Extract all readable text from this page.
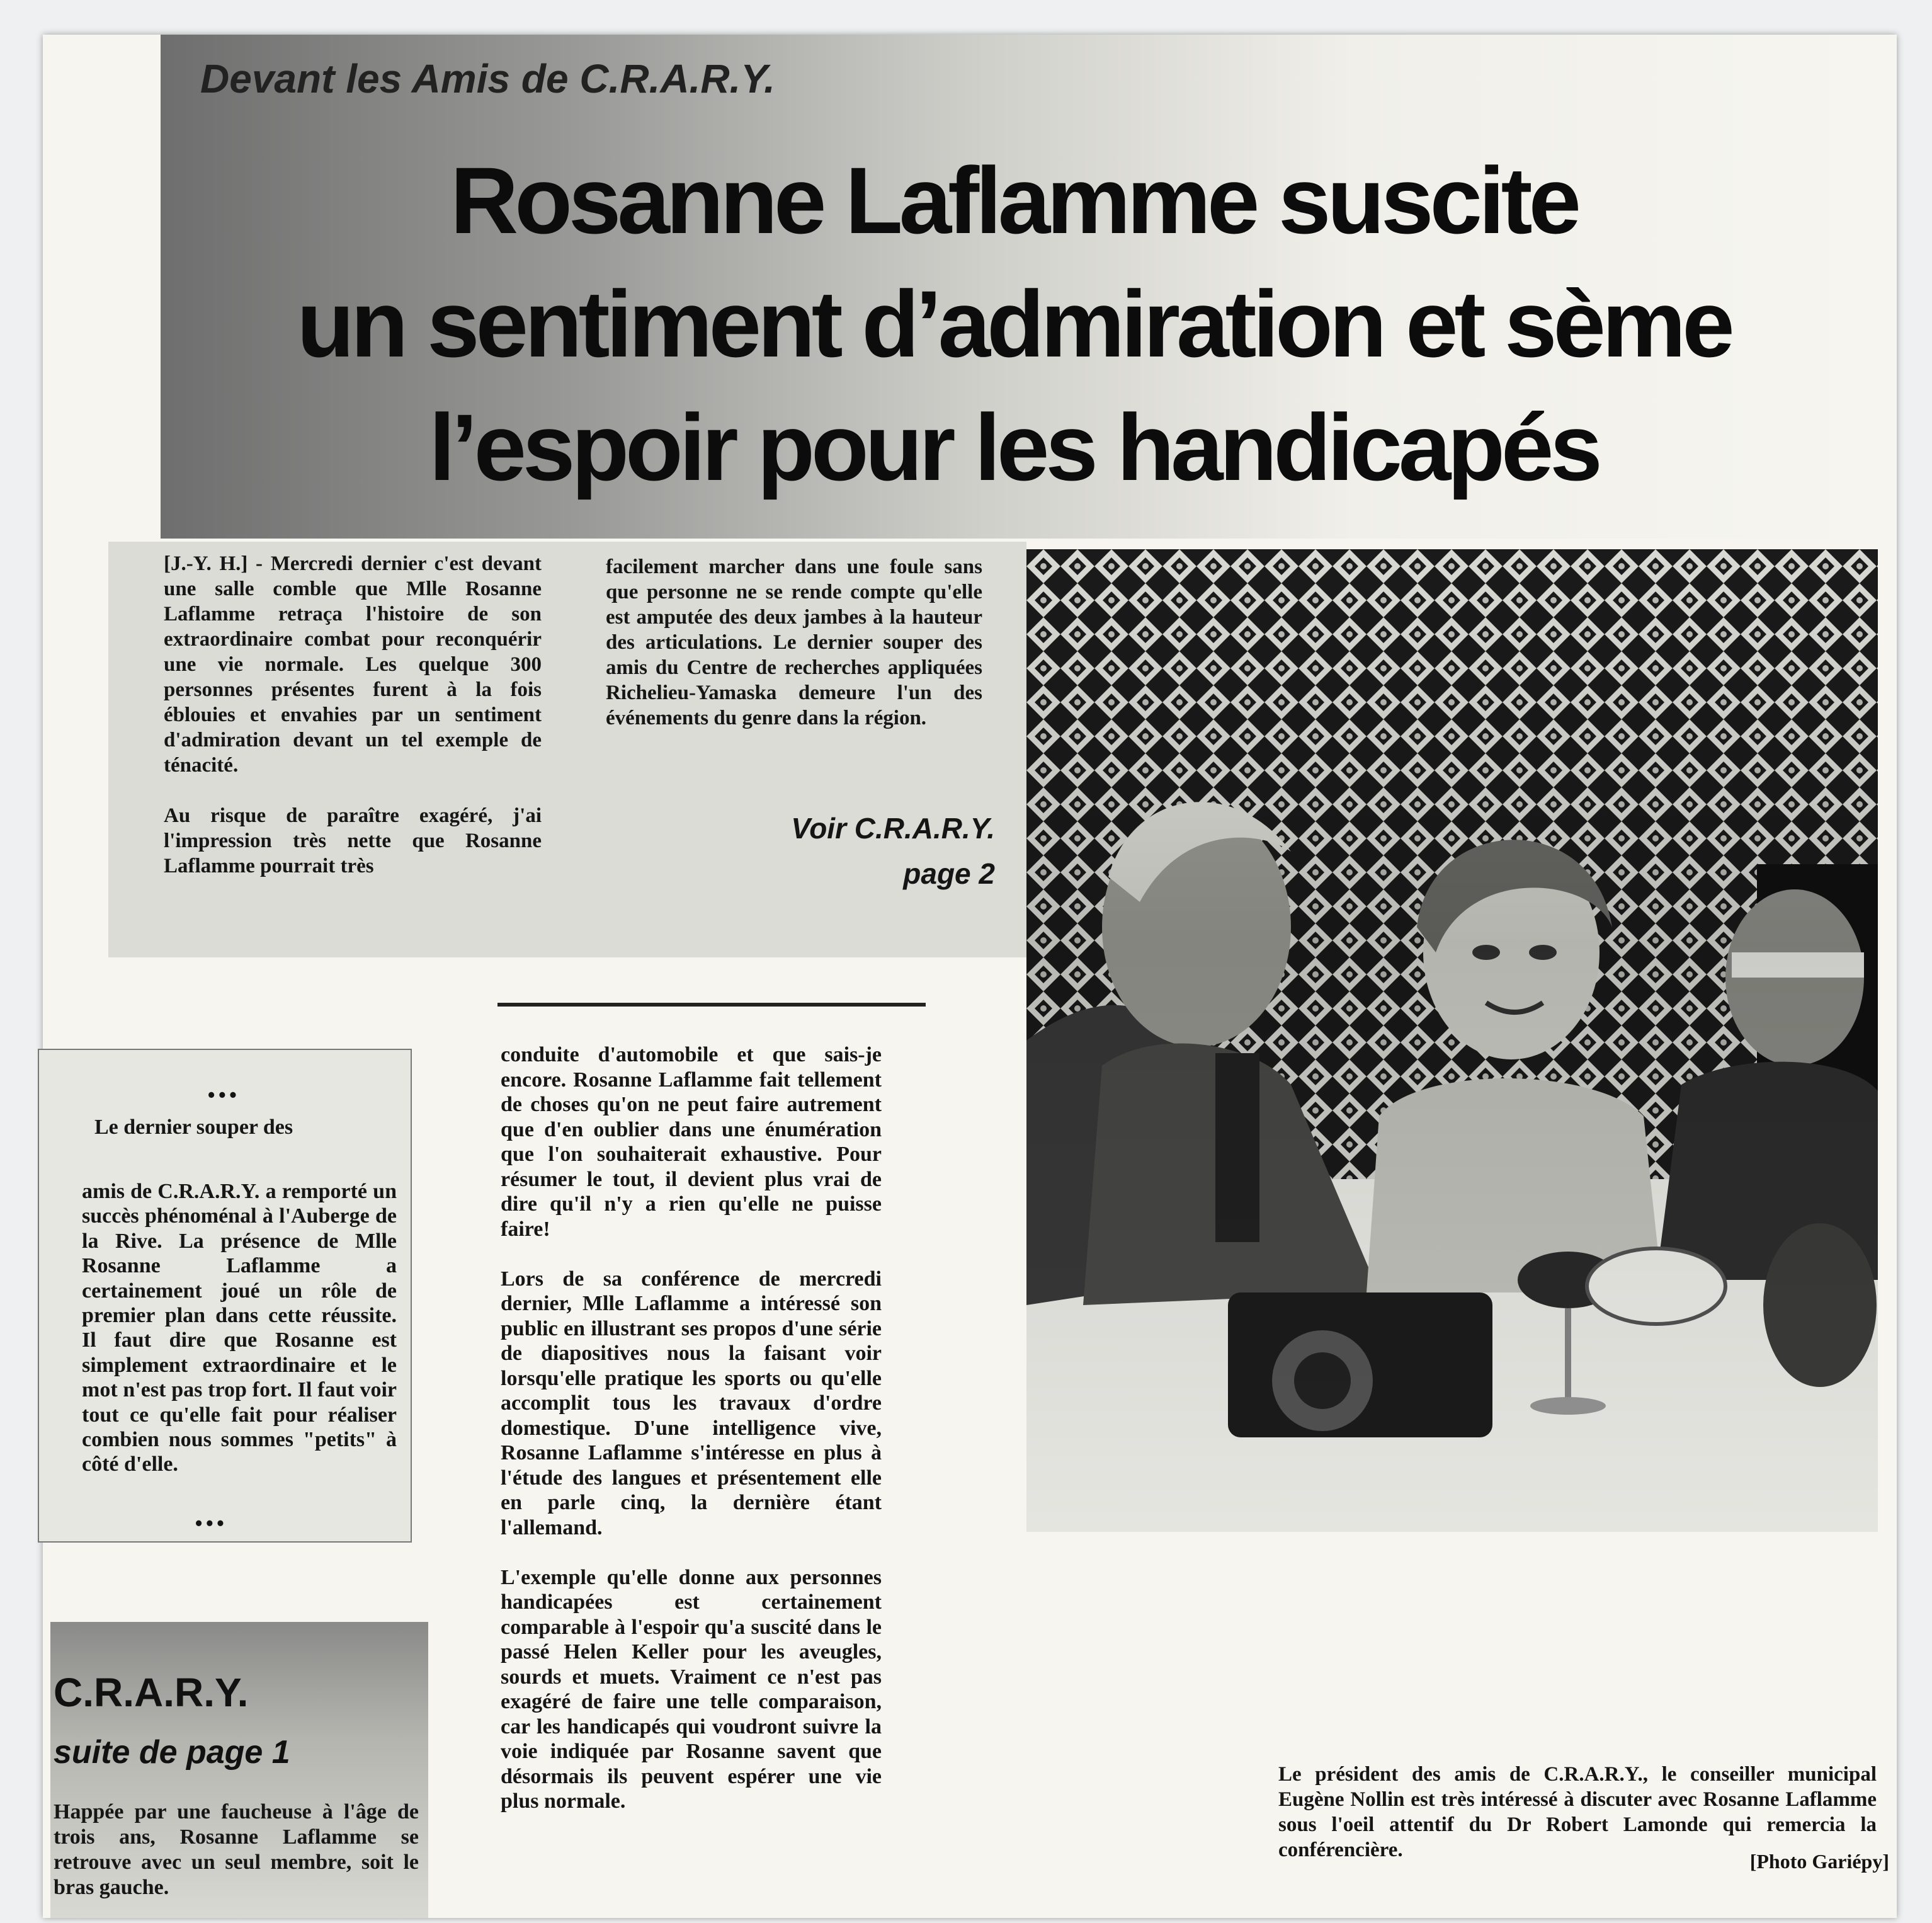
Devant les Amis de C.R.A.R.Y.
Rosanne Laflamme suscite
un sentiment d’admiration et sème
l’espoir pour les handicapés
[J.-Y. H.] - Mercredi dernier c'est devant une salle comble que Mlle Rosanne Laflamme retraça l'histoire de son extraordinaire combat pour reconquérir une vie normale. Les quelque 300 personnes présentes furent à la fois éblouies et envahies par un sentiment d'admiration devant un tel exemple de ténacité.

Au risque de paraître exagéré, j'ai l'impression très nette que Rosanne Laflamme pourrait très
facilement marcher dans une foule sans que personne ne se rende compte qu'elle est amputée des deux jambes à la hauteur des articulations. Le dernier souper des amis du Centre de recherches appliquées Richelieu-Yamaska demeure l'un des événements du genre dans la région.
Voir C.R.A.R.Y.
page 2
•••
Le dernier souper des
amis de C.R.A.R.Y. a remporté un succès phénoménal à l'Auberge de la Rive. La présence de Mlle Rosanne Laflamme a certainement joué un rôle de premier plan dans cette réussite. Il faut dire que Rosanne est simplement extraordinaire et le mot n'est pas trop fort. Il faut voir tout ce qu'elle fait pour réaliser combien nous sommes "petits" à côté d'elle.
•••
conduite d'automobile et que sais-je encore. Rosanne Laflamme fait tellement de choses qu'on ne peut faire autrement que d'en oublier dans une énumération que l'on souhaiterait exhaustive. Pour résumer le tout, il devient plus vrai de dire qu'il n'y a rien qu'elle ne puisse faire!

Lors de sa conférence de mercredi dernier, Mlle Laflamme a intéressé son public en illustrant ses propos d'une série de diapositives nous la faisant voir lorsqu'elle pratique les sports ou qu'elle accomplit tous les travaux d'ordre domestique. D'une intelligence vive, Rosanne Laflamme s'intéresse en plus à l'étude des langues et présentement elle en parle cinq, la dernière étant l'allemand.

L'exemple qu'elle donne aux personnes handicapées est certainement comparable à l'espoir qu'a suscité dans le passé Helen Keller pour les aveugles, sourds et muets. Vraiment ce n'est pas exagéré de faire une telle comparaison, car les handicapés qui voudront suivre la voie indiquée par Rosanne savent que désormais ils peuvent espérer une vie plus normale.
C.R.A.R.Y.
suite de page 1
Happée par une faucheuse à l'âge de trois ans, Rosanne Laflamme se retrouve avec un seul membre, soit le bras gauche.
Le président des amis de C.R.A.R.Y., le conseiller municipal Eugène Nollin est très intéressé à discuter avec Rosanne Laflamme sous l'oeil attentif du Dr Robert Lamonde qui remercia la conférencière.	[Photo Gariépy]
